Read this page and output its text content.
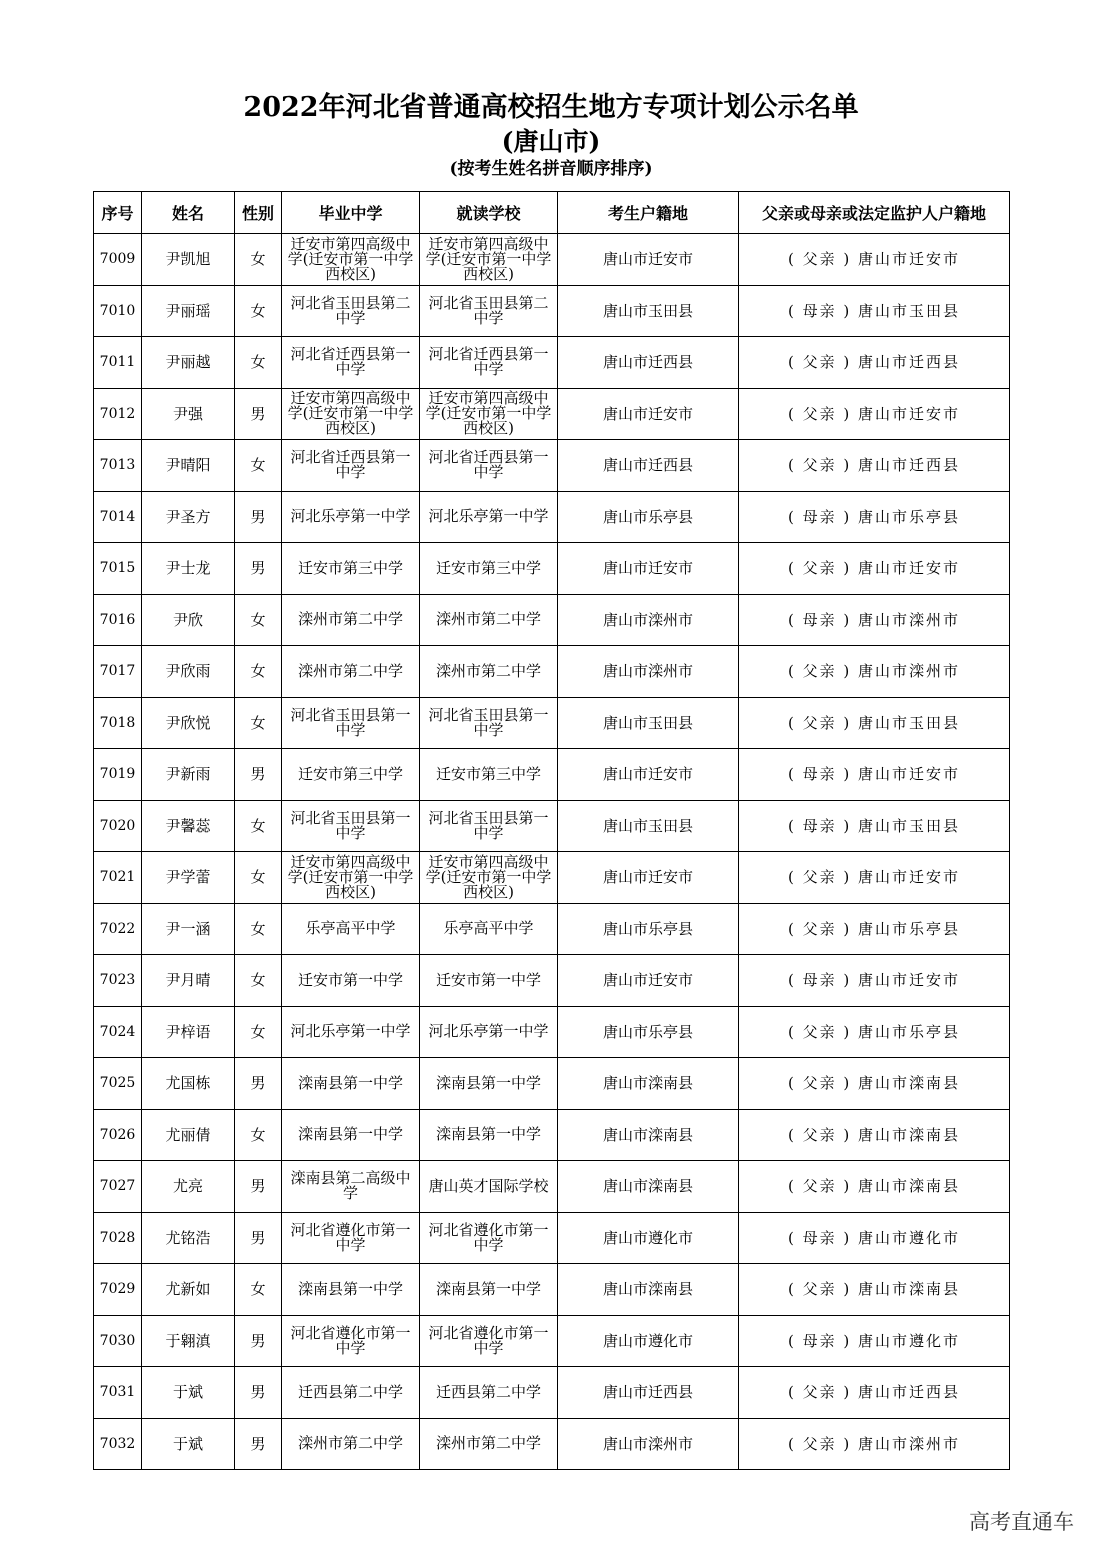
2022年河北省普通高校招生地方专项计划公示名单
(唐山市)
(按考生姓名拼音顺序排序)
序号	姓名	性别	毕业中学	就读学校	考生户籍地	父亲或母亲或法定监护人户籍地
7009	尹凯旭	女	迁安市第四高级中学(迁安市第一中学西校区)	迁安市第四高级中学(迁安市第一中学西校区)	唐山市迁安市	( 父亲 ) 唐山市迁安市
7010	尹丽瑶	女	河北省玉田县第二中学	河北省玉田县第二中学	唐山市玉田县	( 母亲 ) 唐山市玉田县
7011	尹丽越	女	河北省迁西县第一中学	河北省迁西县第一中学	唐山市迁西县	( 父亲 ) 唐山市迁西县
7012	尹强	男	迁安市第四高级中学(迁安市第一中学西校区)	迁安市第四高级中学(迁安市第一中学西校区)	唐山市迁安市	( 父亲 ) 唐山市迁安市
7013	尹晴阳	女	河北省迁西县第一中学	河北省迁西县第一中学	唐山市迁西县	( 父亲 ) 唐山市迁西县
7014	尹圣方	男	河北乐亭第一中学	河北乐亭第一中学	唐山市乐亭县	( 母亲 ) 唐山市乐亭县
7015	尹士龙	男	迁安市第三中学	迁安市第三中学	唐山市迁安市	( 父亲 ) 唐山市迁安市
7016	尹欣	女	滦州市第二中学	滦州市第二中学	唐山市滦州市	( 母亲 ) 唐山市滦州市
7017	尹欣雨	女	滦州市第二中学	滦州市第二中学	唐山市滦州市	( 父亲 ) 唐山市滦州市
7018	尹欣悦	女	河北省玉田县第一中学	河北省玉田县第一中学	唐山市玉田县	( 父亲 ) 唐山市玉田县
7019	尹新雨	男	迁安市第三中学	迁安市第三中学	唐山市迁安市	( 母亲 ) 唐山市迁安市
7020	尹馨蕊	女	河北省玉田县第一中学	河北省玉田县第一中学	唐山市玉田县	( 母亲 ) 唐山市玉田县
7021	尹学蕾	女	迁安市第四高级中学(迁安市第一中学西校区)	迁安市第四高级中学(迁安市第一中学西校区)	唐山市迁安市	( 父亲 ) 唐山市迁安市
7022	尹一涵	女	乐亭高平中学	乐亭高平中学	唐山市乐亭县	( 父亲 ) 唐山市乐亭县
7023	尹月晴	女	迁安市第一中学	迁安市第一中学	唐山市迁安市	( 母亲 ) 唐山市迁安市
7024	尹梓语	女	河北乐亭第一中学	河北乐亭第一中学	唐山市乐亭县	( 父亲 ) 唐山市乐亭县
7025	尤国栋	男	滦南县第一中学	滦南县第一中学	唐山市滦南县	( 父亲 ) 唐山市滦南县
7026	尤丽倩	女	滦南县第一中学	滦南县第一中学	唐山市滦南县	( 父亲 ) 唐山市滦南县
7027	尤亮	男	滦南县第二高级中学	唐山英才国际学校	唐山市滦南县	( 父亲 ) 唐山市滦南县
7028	尤铭浩	男	河北省遵化市第一中学	河北省遵化市第一中学	唐山市遵化市	( 母亲 ) 唐山市遵化市
7029	尤新如	女	滦南县第一中学	滦南县第一中学	唐山市滦南县	( 父亲 ) 唐山市滦南县
7030	于翱滇	男	河北省遵化市第一中学	河北省遵化市第一中学	唐山市遵化市	( 母亲 ) 唐山市遵化市
7031	于斌	男	迁西县第二中学	迁西县第二中学	唐山市迁西县	( 父亲 ) 唐山市迁西县
7032	于斌	男	滦州市第二中学	滦州市第二中学	唐山市滦州市	( 父亲 ) 唐山市滦州市
高考直通车
